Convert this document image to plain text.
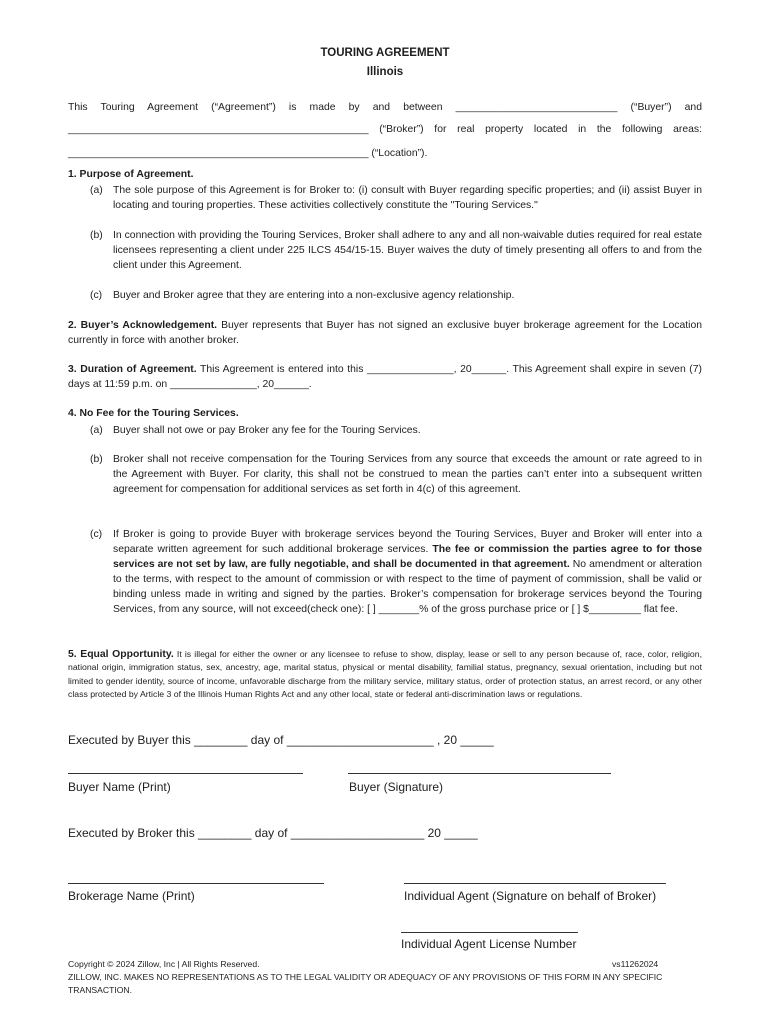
TOURING AGREEMENT
Illinois
This Touring Agreement (“Agreement”) is made by and between ____________________________ (“Buyer”) and
____________________________________________________ (“Broker”) for real property located in the following areas:
____________________________________________________ (“Location”).
1. Purpose of Agreement.
(a) The sole purpose of this Agreement is for Broker to: (i) consult with Buyer regarding specific properties; and (ii) assist Buyer in locating and touring properties. These activities collectively constitute the "Touring Services."
(b) In connection with providing the Touring Services, Broker shall adhere to any and all non-waivable duties required for real estate licensees representing a client under 225 ILCS 454/15-15. Buyer waives the duty of timely presenting all offers to and from the client under this Agreement.
(c) Buyer and Broker agree that they are entering into a non-exclusive agency relationship.
2. Buyer’s Acknowledgement. Buyer represents that Buyer has not signed an exclusive buyer brokerage agreement for the Location currently in force with another broker.
3. Duration of Agreement. This Agreement is entered into this _______________, 20______. This Agreement shall expire in seven (7) days at 11:59 p.m. on _______________, 20______.
4. No Fee for the Touring Services.
(a) Buyer shall not owe or pay Broker any fee for the Touring Services.
(b) Broker shall not receive compensation for the Touring Services from any source that exceeds the amount or rate agreed to in the Agreement with Buyer. For clarity, this shall not be construed to mean the parties can’t enter into a subsequent written agreement for compensation for additional services as set forth in 4(c) of this agreement.
(c) If Broker is going to provide Buyer with brokerage services beyond the Touring Services, Buyer and Broker will enter into a separate written agreement for such additional brokerage services. The fee or commission the parties agree to for those services are not set by law, are fully negotiable, and shall be documented in that agreement. No amendment or alteration to the terms, with respect to the amount of commission or with respect to the time of payment of commission, shall be valid or binding unless made in writing and signed by the parties. Broker’s compensation for brokerage services beyond the Touring Services, from any source, will not exceed(check one): [ ] _______% of the gross purchase price or [ ] $_________ flat fee.
5. Equal Opportunity. It is illegal for either the owner or any licensee to refuse to show, display, lease or sell to any person because of, race, color, religion, national origin, immigration status, sex, ancestry, age, marital status, physical or mental disability, familial status, pregnancy, sexual orientation, including but not limited to gender identity, source of income, unfavorable discharge from the military service, military status, order of protection status, an arrest record, or any other class protected by Article 3 of the Illinois Human Rights Act and any other local, state or federal anti-discrimination laws or regulations.
Executed by Buyer this ________ day of ______________________ , 20 _____
Buyer Name (Print)	Buyer (Signature)
Executed by Broker this ________ day of ____________________ 20 _____
Brokerage Name (Print)	Individual Agent (Signature on behalf of Broker)
Individual Agent License Number
Copyright © 2024 Zillow, Inc | All Rights Reserved.	vs11262024
ZILLOW, INC. MAKES NO REPRESENTATIONS AS TO THE LEGAL VALIDITY OR ADEQUACY OF ANY PROVISIONS OF THIS FORM IN ANY SPECIFIC TRANSACTION.
